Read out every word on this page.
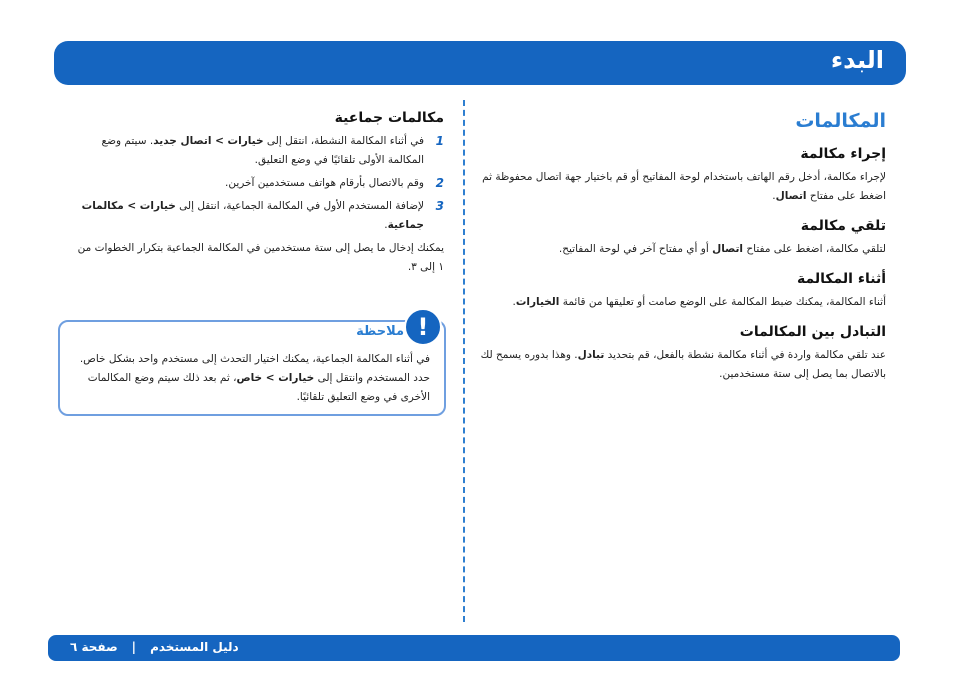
البدء
المكالمات
إجراء مكالمة

لإجراء مكالمة، أدخل رقم الهاتف باستخدام لوحة المفاتيح أو قم باختيار جهة اتصال محفوظة ثم اضغط على مفتاح اتصال.

تلقي مكالمة

لتلقي مكالمة، اضغط على مفتاح اتصال أو أي مفتاح آخر في لوحة المفاتيح.

أثناء المكالمة

أثناء المكالمة، يمكنك ضبط المكالمة على الوضع صامت أو تعليقها من قائمة الخيارات.

التبادل بين المكالمات

عند تلقي مكالمة واردة في أثناء مكالمة نشطة بالفعل، قم بتحديد تبادل. وهذا بدوره يسمح لك بالاتصال بما يصل إلى ستة مستخدمين.

مكالمات جماعية
1
في أثناء المكالمة النشطة، انتقل إلى خيارات > اتصال جديد. سيتم وضع المكالمة الأولى تلقائيًا في وضع التعليق.
2
وقم بالاتصال بأرقام هواتف مستخدمين آخرين.
3
لإضافة المستخدم الأول في المكالمة الجماعية، انتقل إلى خيارات > مكالمات جماعية.

يمكنك إدخال ما يصل إلى ستة مستخدمين في المكالمة الجماعية بتكرار الخطوات من ١ إلى ٣.

!
ملاحظة
في أثناء المكالمة الجماعية، يمكنك اختيار التحدث إلى مستخدم واحد بشكل خاص. حدد المستخدم وانتقل إلى خيارات > خاص، ثم بعد ذلك سيتم وضع المكالمات الأخرى في وضع التعليق تلقائيًا.
دليل المستخدم|صفحة ٦
